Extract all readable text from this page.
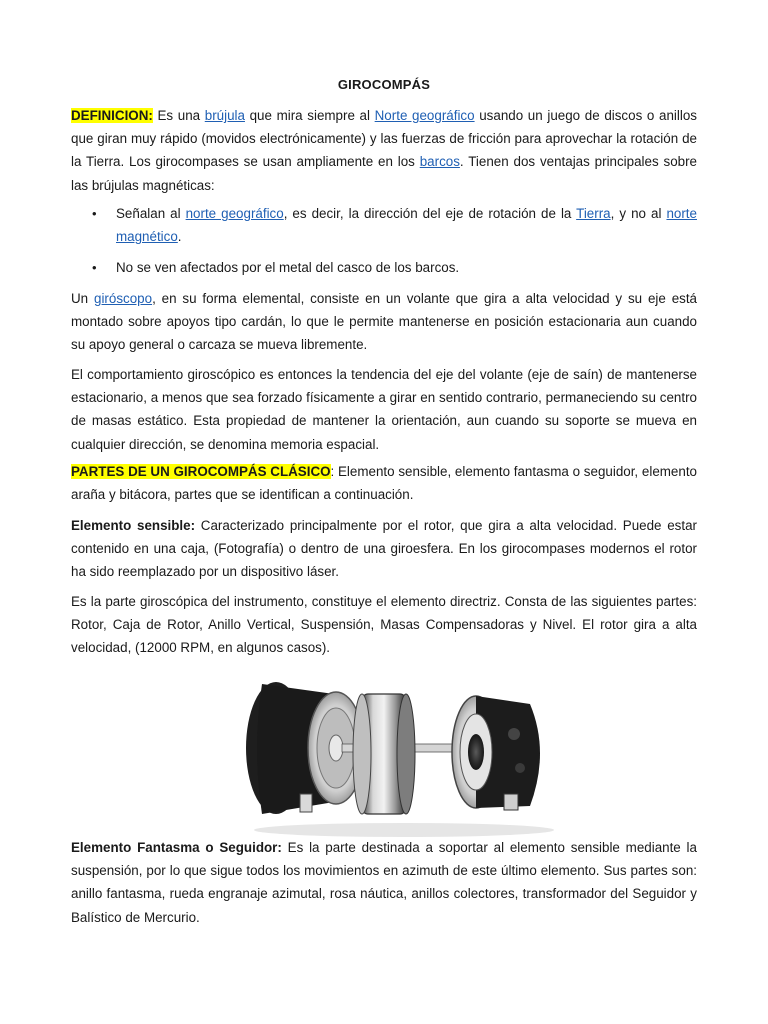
GIROCOMPÁS
DEFINICION: Es una brújula que mira siempre al Norte geográfico usando un juego de discos o anillos que giran muy rápido (movidos electrónicamente) y las fuerzas de fricción para aprovechar la rotación de la Tierra. Los girocompases se usan ampliamente en los barcos. Tienen dos ventajas principales sobre las brújulas magnéticas:
• Señalan al norte geográfico, es decir, la dirección del eje de rotación de la Tierra, y no al norte magnético.
• No se ven afectados por el metal del casco de los barcos.
Un giróscopo, en su forma elemental, consiste en un volante que gira a alta velocidad y su eje está montado sobre apoyos tipo cardán, lo que le permite mantenerse en posición estacionaria aun cuando su apoyo general o carcaza se mueva libremente.
El comportamiento giroscópico es entonces la tendencia del eje del volante (eje de saín) de mantenerse estacionario, a menos que sea forzado físicamente a girar en sentido contrario, permaneciendo su centro de masas estático. Esta propiedad de mantener la orientación, aun cuando su soporte se mueva en cualquier dirección, se denomina memoria espacial.
PARTES DE UN GIROCOMPÁS CLÁSICO: Elemento sensible, elemento fantasma o seguidor, elemento araña y bitácora, partes que se identifican a continuación.
Elemento sensible: Caracterizado principalmente por el rotor, que gira a alta velocidad. Puede estar contenido en una caja, (Fotografía) o dentro de una giroesfera. En los girocompases modernos el rotor ha sido reemplazado por un dispositivo láser.
Es la parte giroscópica del instrumento, constituye el elemento directriz. Consta de las siguientes partes: Rotor, Caja de Rotor, Anillo Vertical, Suspensión, Masas Compensadoras y Nivel. El rotor gira a alta velocidad, (12000 RPM, en algunos casos).
Elemento Fantasma o Seguidor: Es la parte destinada a soportar al elemento sensible mediante la suspensión, por lo que sigue todos los movimientos en azimuth de este último elemento. Sus partes son: anillo fantasma, rueda engranaje azimutal, rosa náutica, anillos colectores, transformador del Seguidor y Balístico de Mercurio.
